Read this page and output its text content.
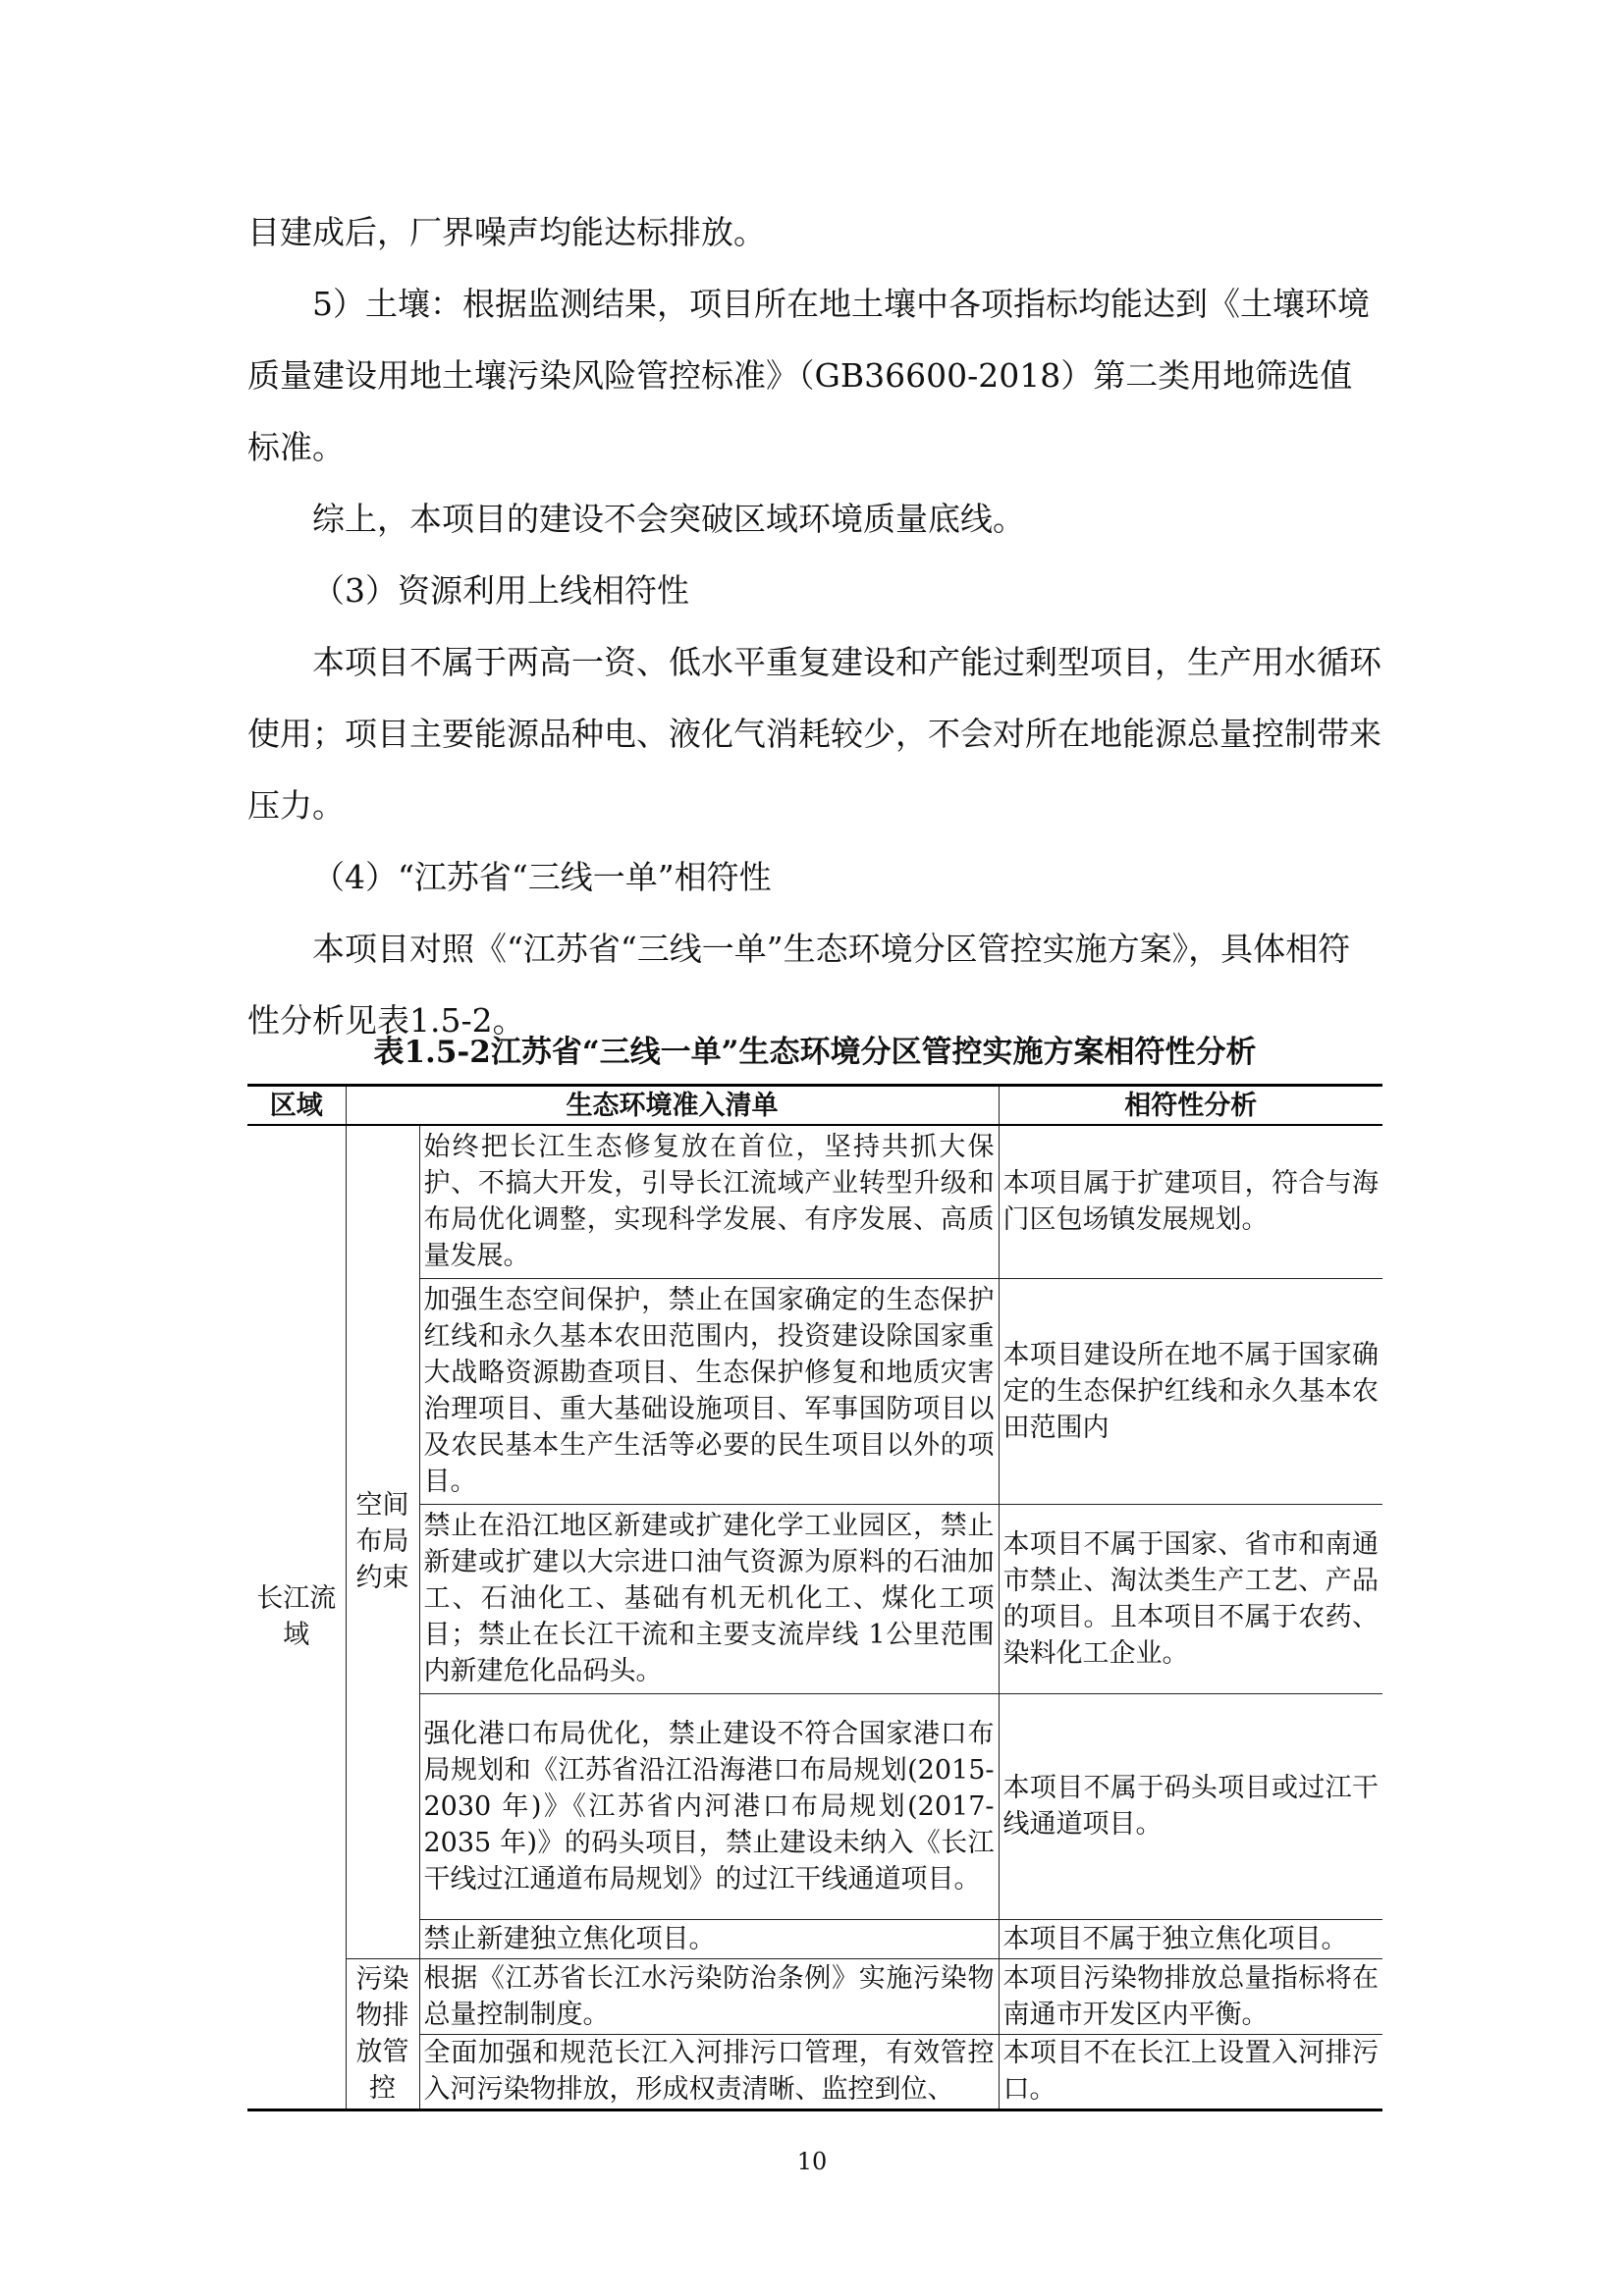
目建成后，厂界噪声均能达标排放。

5）土壤：根据监测结果，项目所在地土壤中各项指标均能达到《土壤环境质量建设用地土壤污染风险管控标准》（GB36600-2018）第二类用地筛选值标准。

综上，本项目的建设不会突破区域环境质量底线。

（3）资源利用上线相符性

本项目不属于两高一资、低水平重复建设和产能过剩型项目，生产用水循环使用；项目主要能源品种电、液化气消耗较少，不会对所在地能源总量控制带来压力。

（4）“江苏省“三线一单”相符性

本项目对照《“江苏省“三线一单”生态环境分区管控实施方案》，具体相符性分析见表1.5-2。

表1.5-2江苏省“三线一单”生态环境分区管控实施方案相符性分析
区域	生态环境准入清单		相符性分析
长江流域	空间布局约束	始终把长江生态修复放在首位，坚持共抓大保护、不搞大开发，引导长江流域产业转型升级和布局优化调整，实现科学发展、有序发展、高质量发展。	本项目属于扩建项目，符合与海门区包场镇发展规划。
		加强生态空间保护，禁止在国家确定的生态保护红线和永久基本农田范围内，投资建设除国家重大战略资源勘查项目、生态保护修复和地质灾害治理项目、重大基础设施项目、军事国防项目以及农民基本生产生活等必要的民生项目以外的项目。	本项目建设所在地不属于国家确定的生态保护红线和永久基本农田范围内
		禁止在沿江地区新建或扩建化学工业园区，禁止新建或扩建以大宗进口油气资源为原料的石油加工、石油化工、基础有机无机化工、煤化工项目；禁止在长江干流和主要支流岸线 1公里范围内新建危化品码头。	本项目不属于国家、省市和南通市禁止、淘汰类生产工艺、产品的项目。且本项目不属于农药、染料化工企业。
		强化港口布局优化，禁止建设不符合国家港口布局规划和《江苏省沿江沿海港口布局规划(2015-2030 年)》《江苏省内河港口布局规划(2017-2035 年)》的码头项目，禁止建设未纳入《长江干线过江通道布局规划》的过江干线通道项目。	本项目不属于码头项目或过江干线通道项目。
		禁止新建独立焦化项目。	本项目不属于独立焦化项目。
	污染物排放管控	根据《江苏省长江水污染防治条例》实施污染物总量控制制度。	本项目污染物排放总量指标将在南通市开发区内平衡。
		全面加强和规范长江入河排污口管理，有效管控入河污染物排放，形成权责清晰、监控到位、	本项目不在长江上设置入河排污口。
10
